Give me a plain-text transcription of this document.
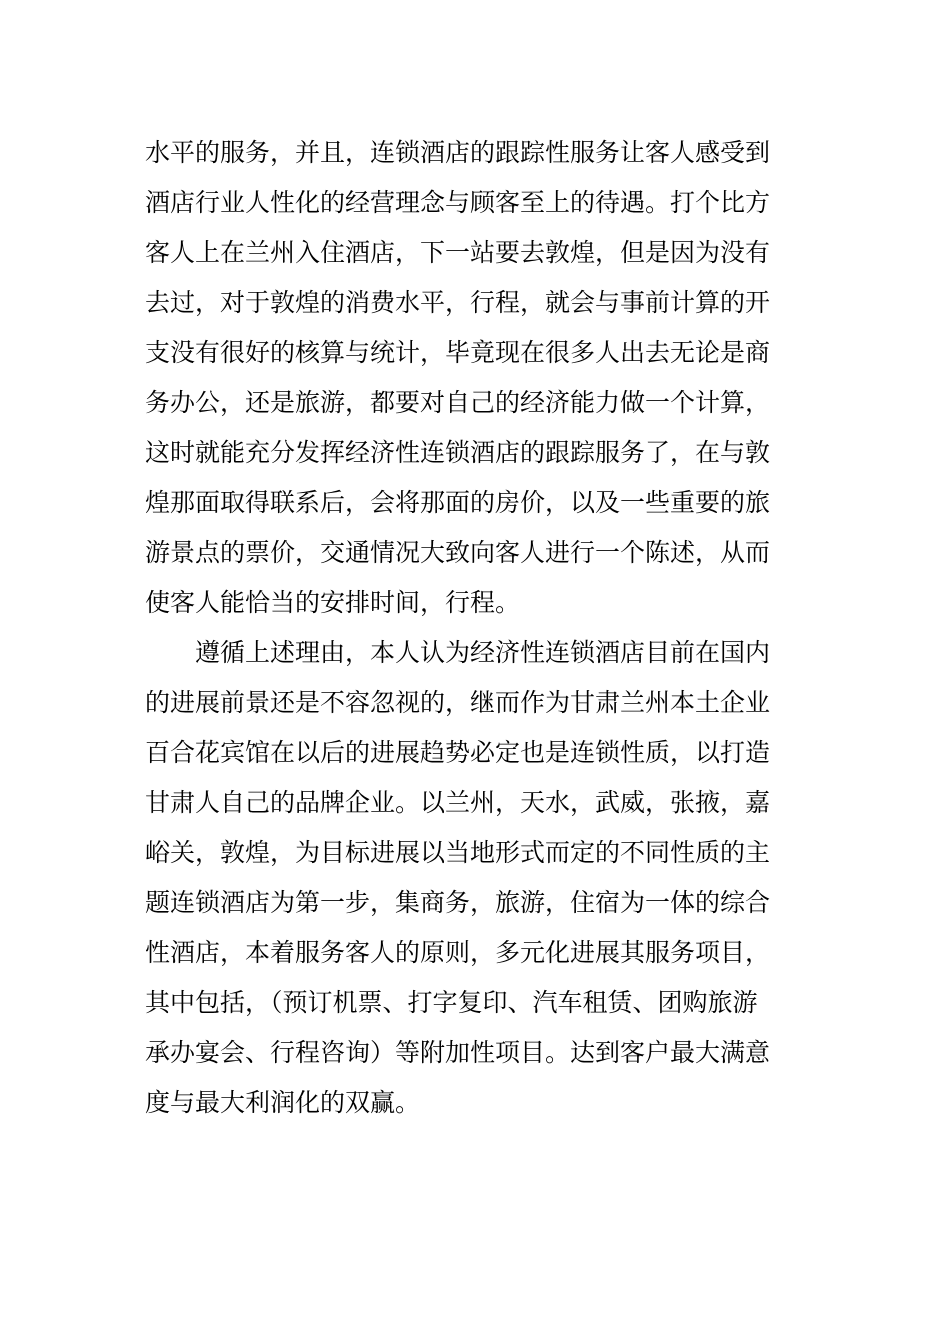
水平的服务，并且，连锁酒店的跟踪性服务让客人感受到
酒店行业人性化的经营理念与顾客至上的待遇。打个比方
客人上在兰州入住酒店，下一站要去敦煌，但是因为没有
去过，对于敦煌的消费水平，行程，就会与事前计算的开
支没有很好的核算与统计，毕竟现在很多人出去无论是商
务办公，还是旅游，都要对自己的经济能力做一个计算，
这时就能充分发挥经济性连锁酒店的跟踪服务了，在与敦
煌那面取得联系后，会将那面的房价，以及一些重要的旅
游景点的票价，交通情况大致向客人进行一个陈述，从而
使客人能恰当的安排时间，行程。
遵循上述理由，本人认为经济性连锁酒店目前在国内
的进展前景还是不容忽视的，继而作为甘肃兰州本土企业
百合花宾馆在以后的进展趋势必定也是连锁性质，以打造
甘肃人自己的品牌企业。以兰州，天水，武威，张掖，嘉
峪关，敦煌，为目标进展以当地形式而定的不同性质的主
题连锁酒店为第一步，集商务，旅游，住宿为一体的综合
性酒店，本着服务客人的原则，多元化进展其服务项目，
其中包括，（预订机票、打字复印、汽车租赁、团购旅游
承办宴会、行程咨询）等附加性项目。达到客户最大满意
度与最大利润化的双赢。
